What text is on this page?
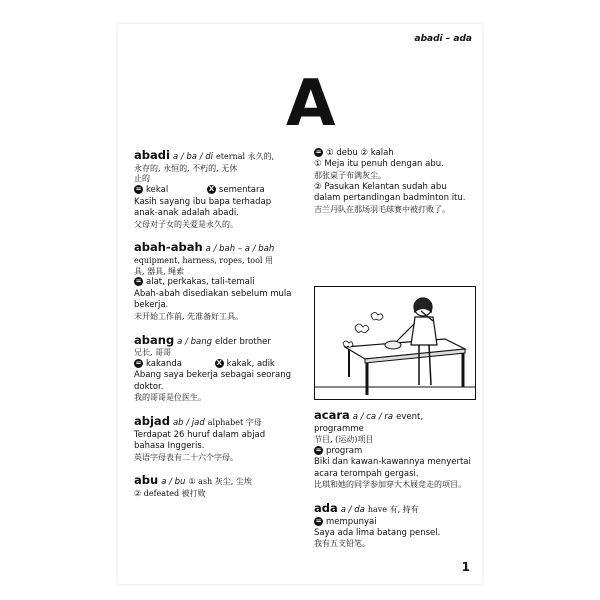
abadi – ada
A
abadi a / ba / di eternal 永久的,
永存的, 永恒的, 不朽的, 无休
止的
= kekal	X sementara
Kasih sayang ibu bapa terhadap anak-anak adalah abadi.
父母对子女的关爱是永久的。
abah-abah a / bah – a / bah
equipment, harness, ropes, tool 用
具, 器具, 绳索
= alat, perkakas, tali-temali
Abah-abah disediakan sebelum mula bekerja.
未开始工作前, 先准备好工具。
abang a / bang elder brother
兄长, 哥哥
= kakanda	X kakak, adik
Abang saya bekerja sebagai seorang doktor.
我的哥哥是位医生。
abjad ab / jad alphabet 字母
Terdapat 26 huruf dalam abjad bahasa Inggeris.
英语字母表有二十六个字母。
abu a / bu ① ash 灰尘, 尘埃
② defeated 被打败
= ① debu ② kalah
① Meja itu penuh dengan abu.
那张桌子布满灰尘。
② Pasukan Kelantan sudah abu dalam pertandingan badminton itu.
吉兰丹队在那场羽毛球赛中被打败了。
acara a / ca / ra event, programme
节目, (运动)项目
= program
Biki dan kawan-kawannya menyertai acara terompah gergasi.
比琪和她的同学参加穿大木屐竞走的项目。
ada a / da have 有, 持有
= mempunyai
Saya ada lima batang pensel.
我有五支铅笔。
1
